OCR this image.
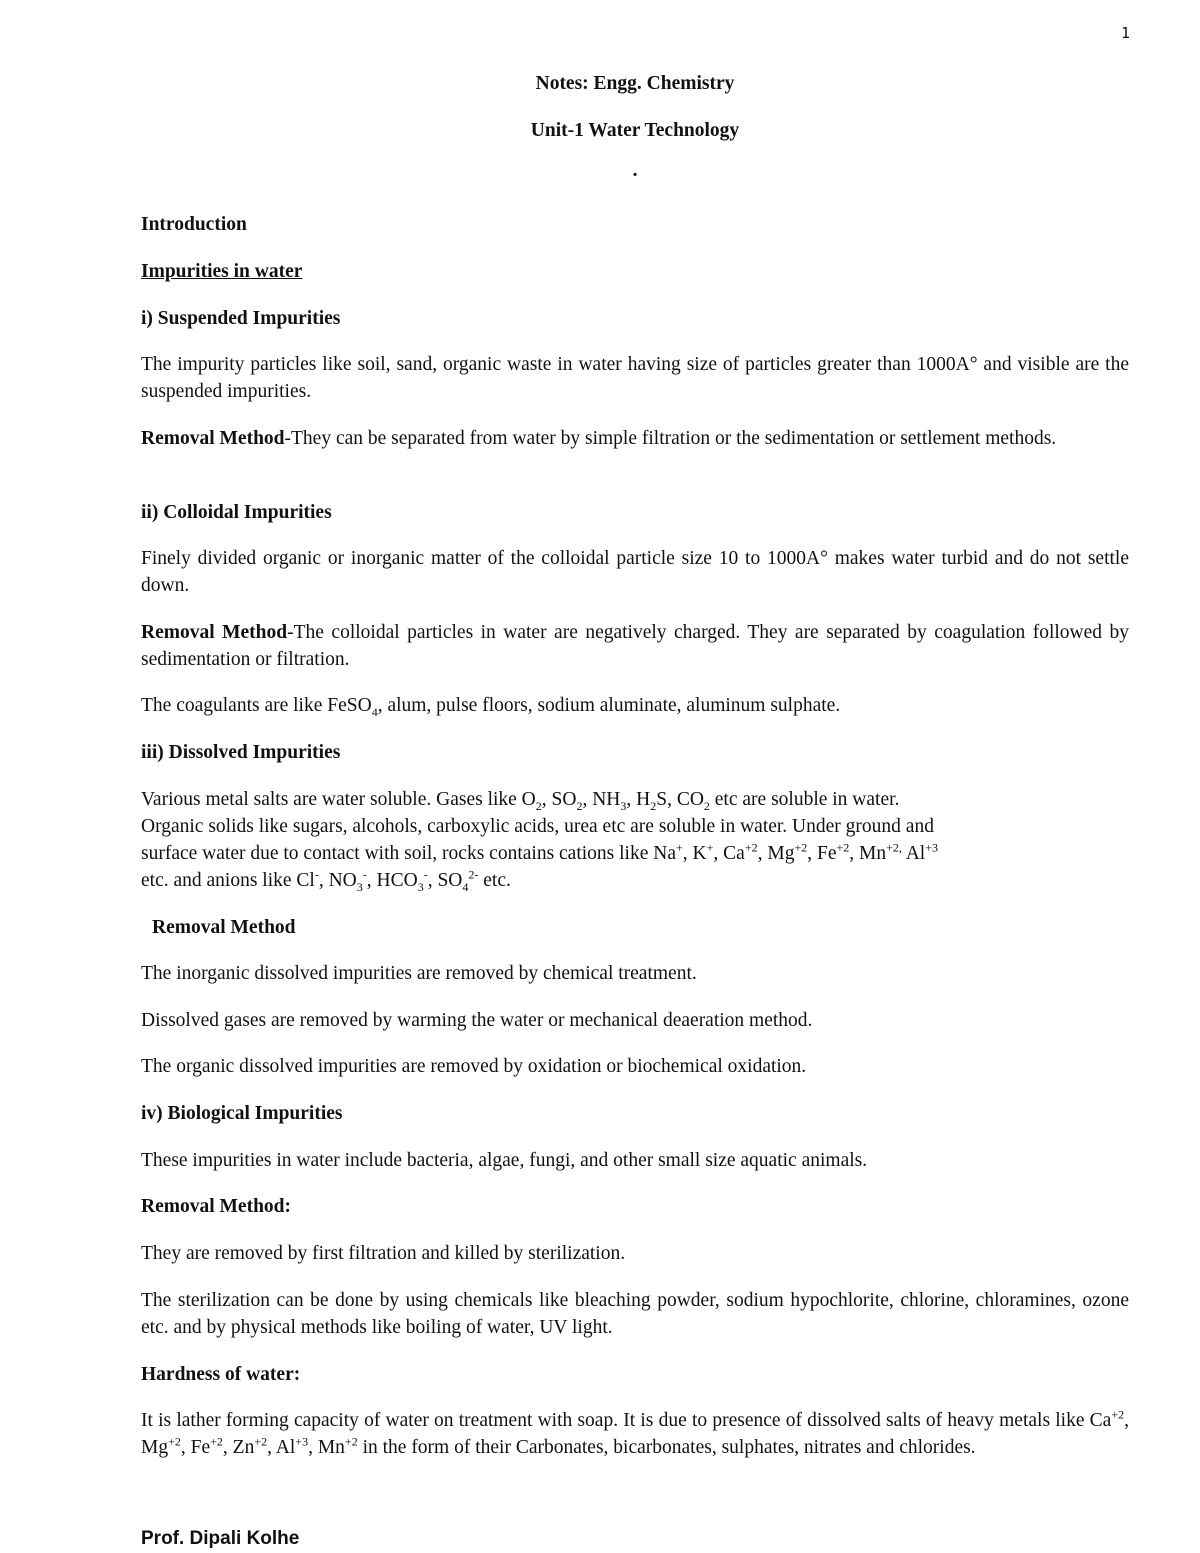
1
Notes: Engg. Chemistry
Unit-1 Water Technology
.
Introduction
Impurities in water
i) Suspended Impurities
The impurity particles like soil, sand, organic waste in water having size of particles greater than 1000A° and visible are the suspended impurities.
Removal Method-They can be separated from water by simple filtration or the sedimentation or settlement methods.
ii) Colloidal Impurities
Finely divided organic or inorganic matter of the colloidal particle size 10 to 1000A° makes water turbid and do not settle down.
Removal Method-The colloidal particles in water are negatively charged. They are separated by coagulation followed by sedimentation or filtration.
The coagulants are like FeSO$_4$, alum, pulse floors, sodium aluminate, aluminum sulphate.
iii) Dissolved Impurities
Various metal salts are water soluble. Gases like $O_2$, $SO_2$, $NH_3$, $H_2S$, $CO_2$ etc are soluble in water.
Organic solids like sugars, alcohols, carboxylic acids, urea etc are soluble in water. Under ground and
surface water due to contact with soil, rocks contains cations like Na+, K+, $Ca^{+2}$, $Mg^{+2}$, $Fe^{+2}$, $Mn^{+2,}$ $Al^{+3}$
etc. and anions like Cl-, $NO_3^-$, $HCO_3^-$, $SO_4^{2-}$ etc.
Removal Method
The inorganic dissolved impurities are removed by chemical treatment.
Dissolved gases are removed by warming the water or mechanical deaeration method.
The organic dissolved impurities are removed by oxidation or biochemical oxidation.
iv) Biological Impurities
These impurities in water include bacteria, algae, fungi, and other small size aquatic animals.
Removal Method:
They are removed by first filtration and killed by sterilization.
The sterilization can be done by using chemicals like bleaching powder, sodium hypochlorite, chlorine, chloramines, ozone etc. and by physical methods like boiling of water, UV light.
Hardness of water:
It is lather forming capacity of water on treatment with soap. It is due to presence of dissolved salts of heavy metals like $Ca^{+2}$, $Mg^{+2}$, $Fe^{+2}$, $Zn^{+2}$, $Al^{+3}$, $Mn^{+2}$ in the form of their Carbonates, bicarbonates, sulphates, nitrates and chlorides.
Prof. Dipali Kolhe
